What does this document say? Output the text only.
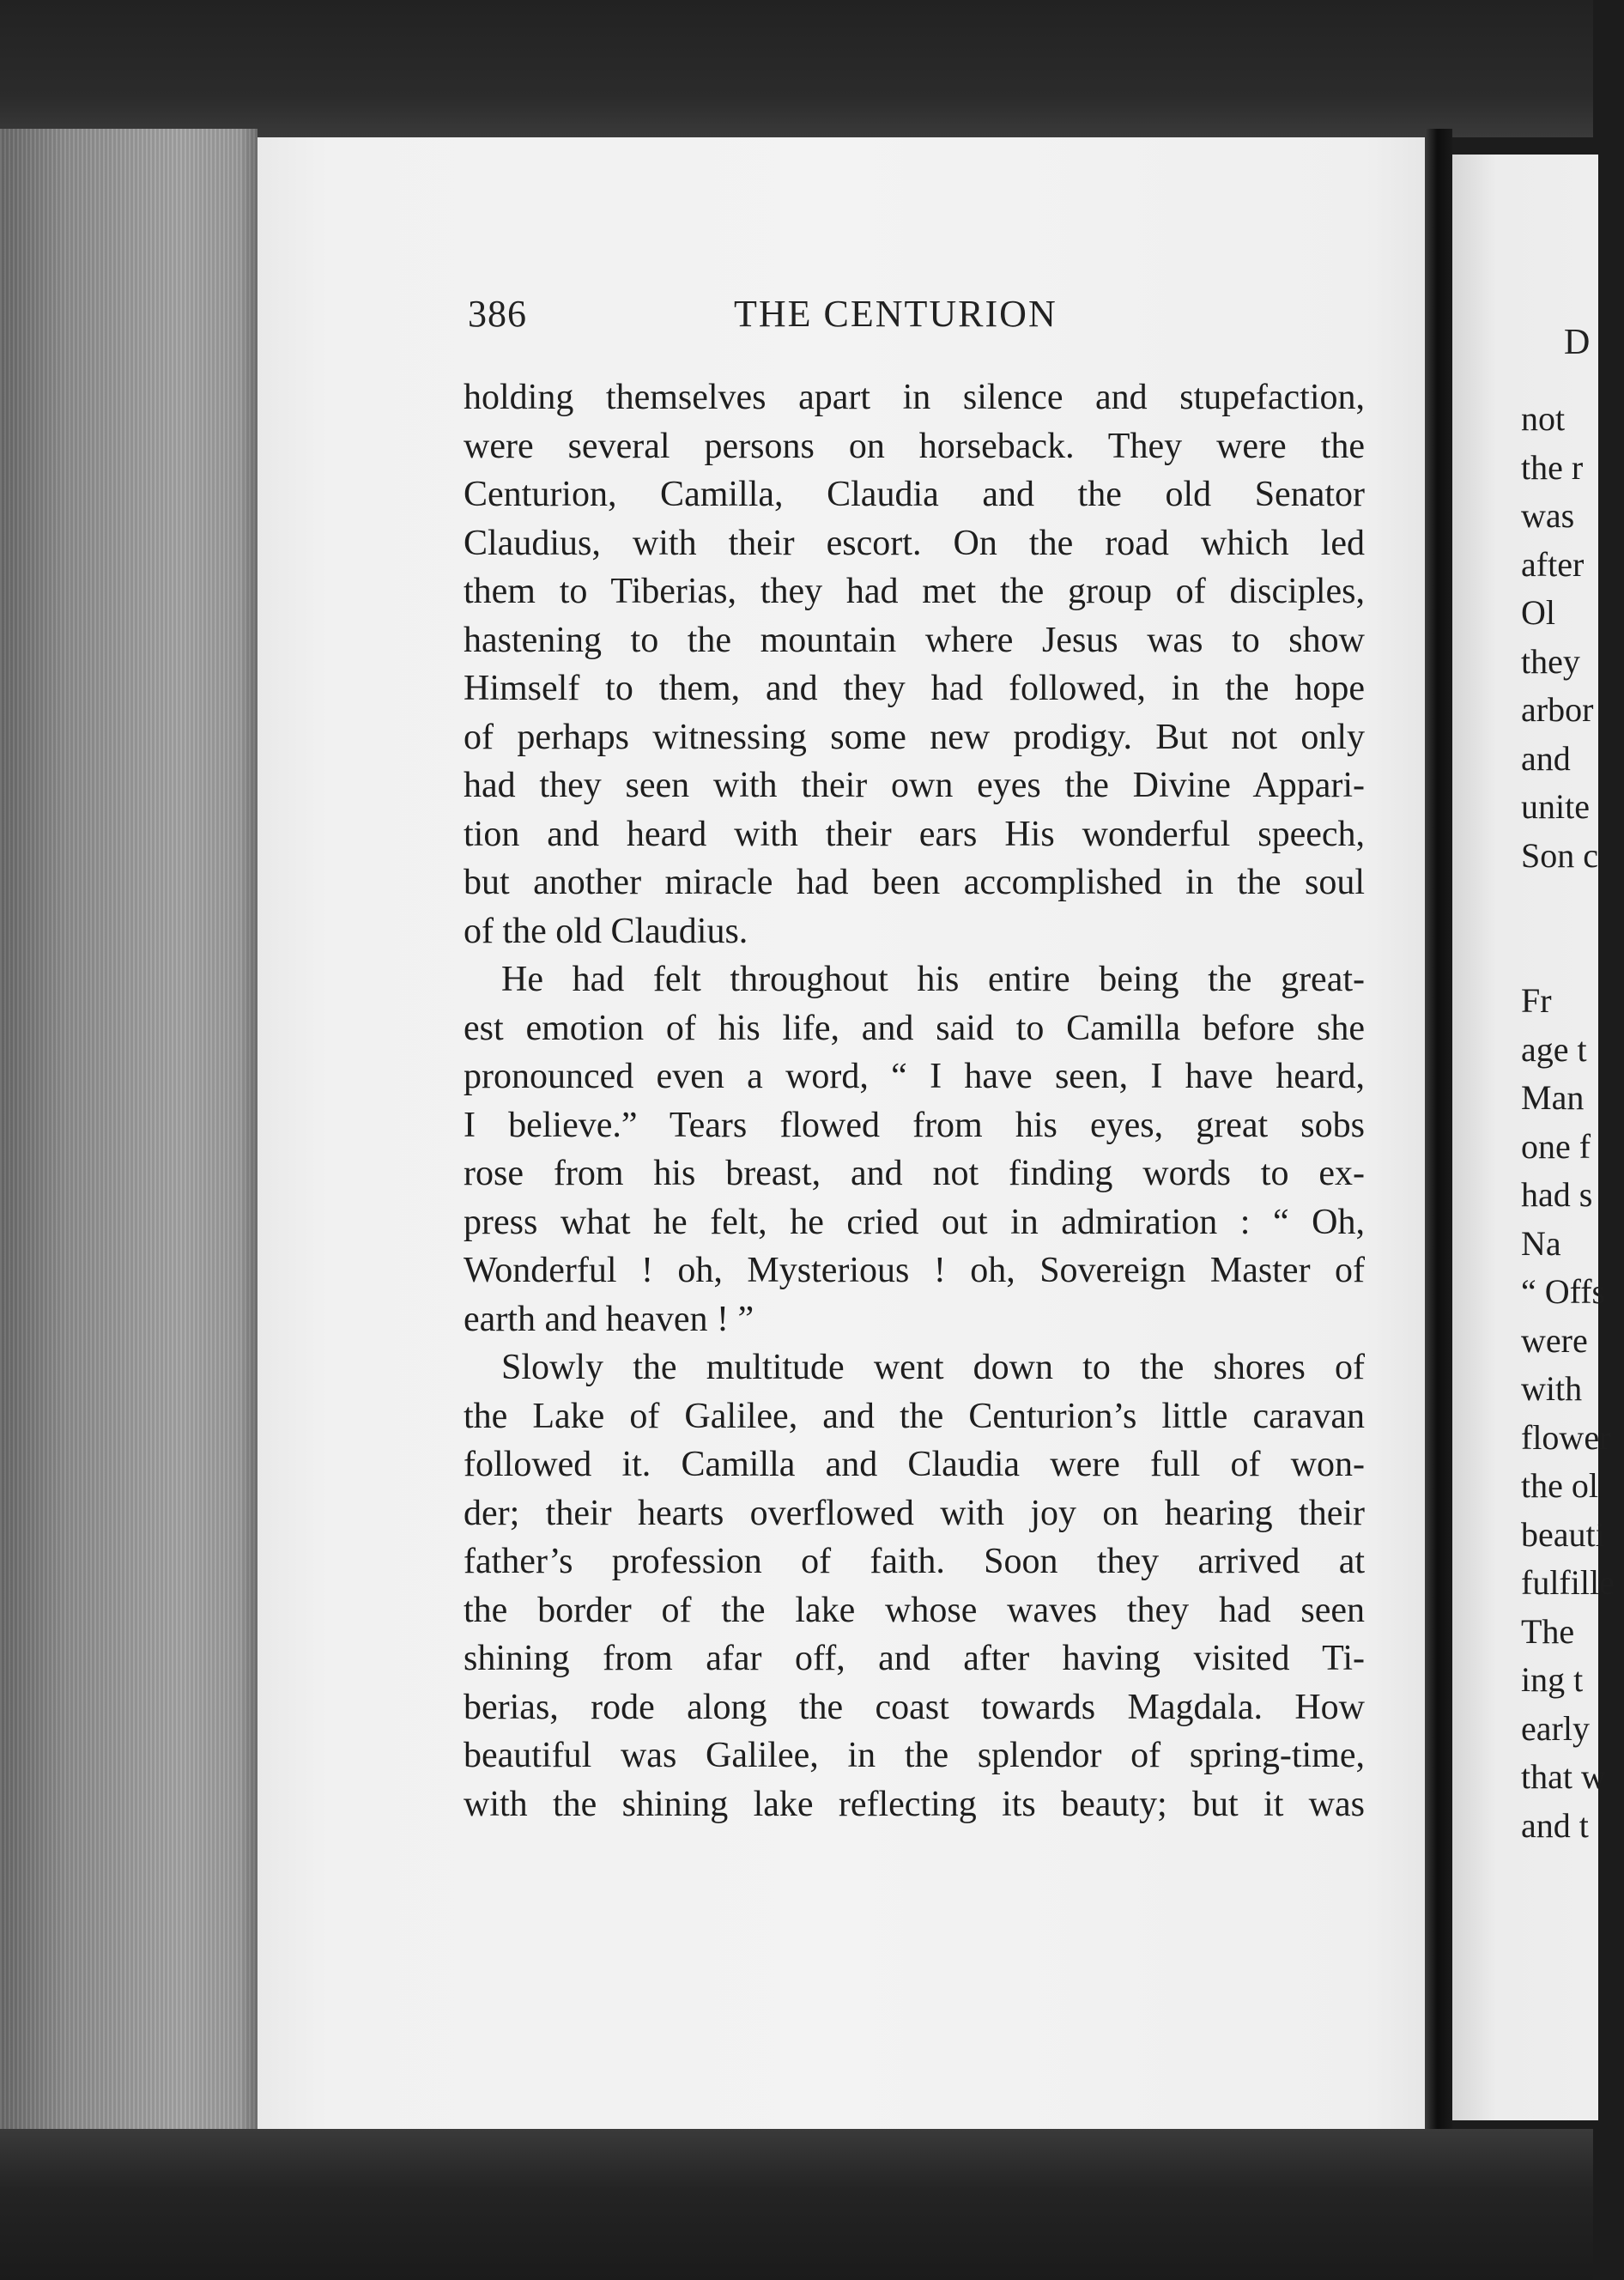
386	THE CENTURION
holding themselves apart in silence and stupefaction,
were several persons on horseback. They were the
Centurion, Camilla, Claudia and the old Senator
Claudius, with their escort. On the road which led
them to Tiberias, they had met the group of disciples,
hastening to the mountain where Jesus was to show
Himself to them, and they had followed, in the hope
of perhaps witnessing some new prodigy. But not only
had they seen with their own eyes the Divine Appari-
tion and heard with their ears His wonderful speech,
but another miracle had been accomplished in the soul
of the old Claudius.
He had felt throughout his entire being the great-
est emotion of his life, and said to Camilla before she
pronounced even a word, “ I have seen, I have heard,
I believe.” Tears flowed from his eyes, great sobs
rose from his breast, and not finding words to ex-
press what he felt, he cried out in admiration : “ Oh,
Wonderful ! oh, Mysterious ! oh, Sovereign Master of
earth and heaven ! ”
Slowly the multitude went down to the shores of
the Lake of Galilee, and the Centurion’s little caravan
followed it. Camilla and Claudia were full of won-
der; their hearts overflowed with joy on hearing their
father’s profession of faith. Soon they arrived at
the border of the lake whose waves they had seen
shining from afar off, and after having visited Ti-
berias, rode along the coast towards Magdala. How
beautiful was Galilee, in the splendor of spring-time,
with the shining lake reflecting its beauty; but it was
D
not
the r
was
after
Ol
they
arbor
and
unite
Son c
Fr
age t
Man
one f
had s
Na
“ Offs
were
with
flower
the ol
beauti
fulfille
The
ing t
early
that w
and t
